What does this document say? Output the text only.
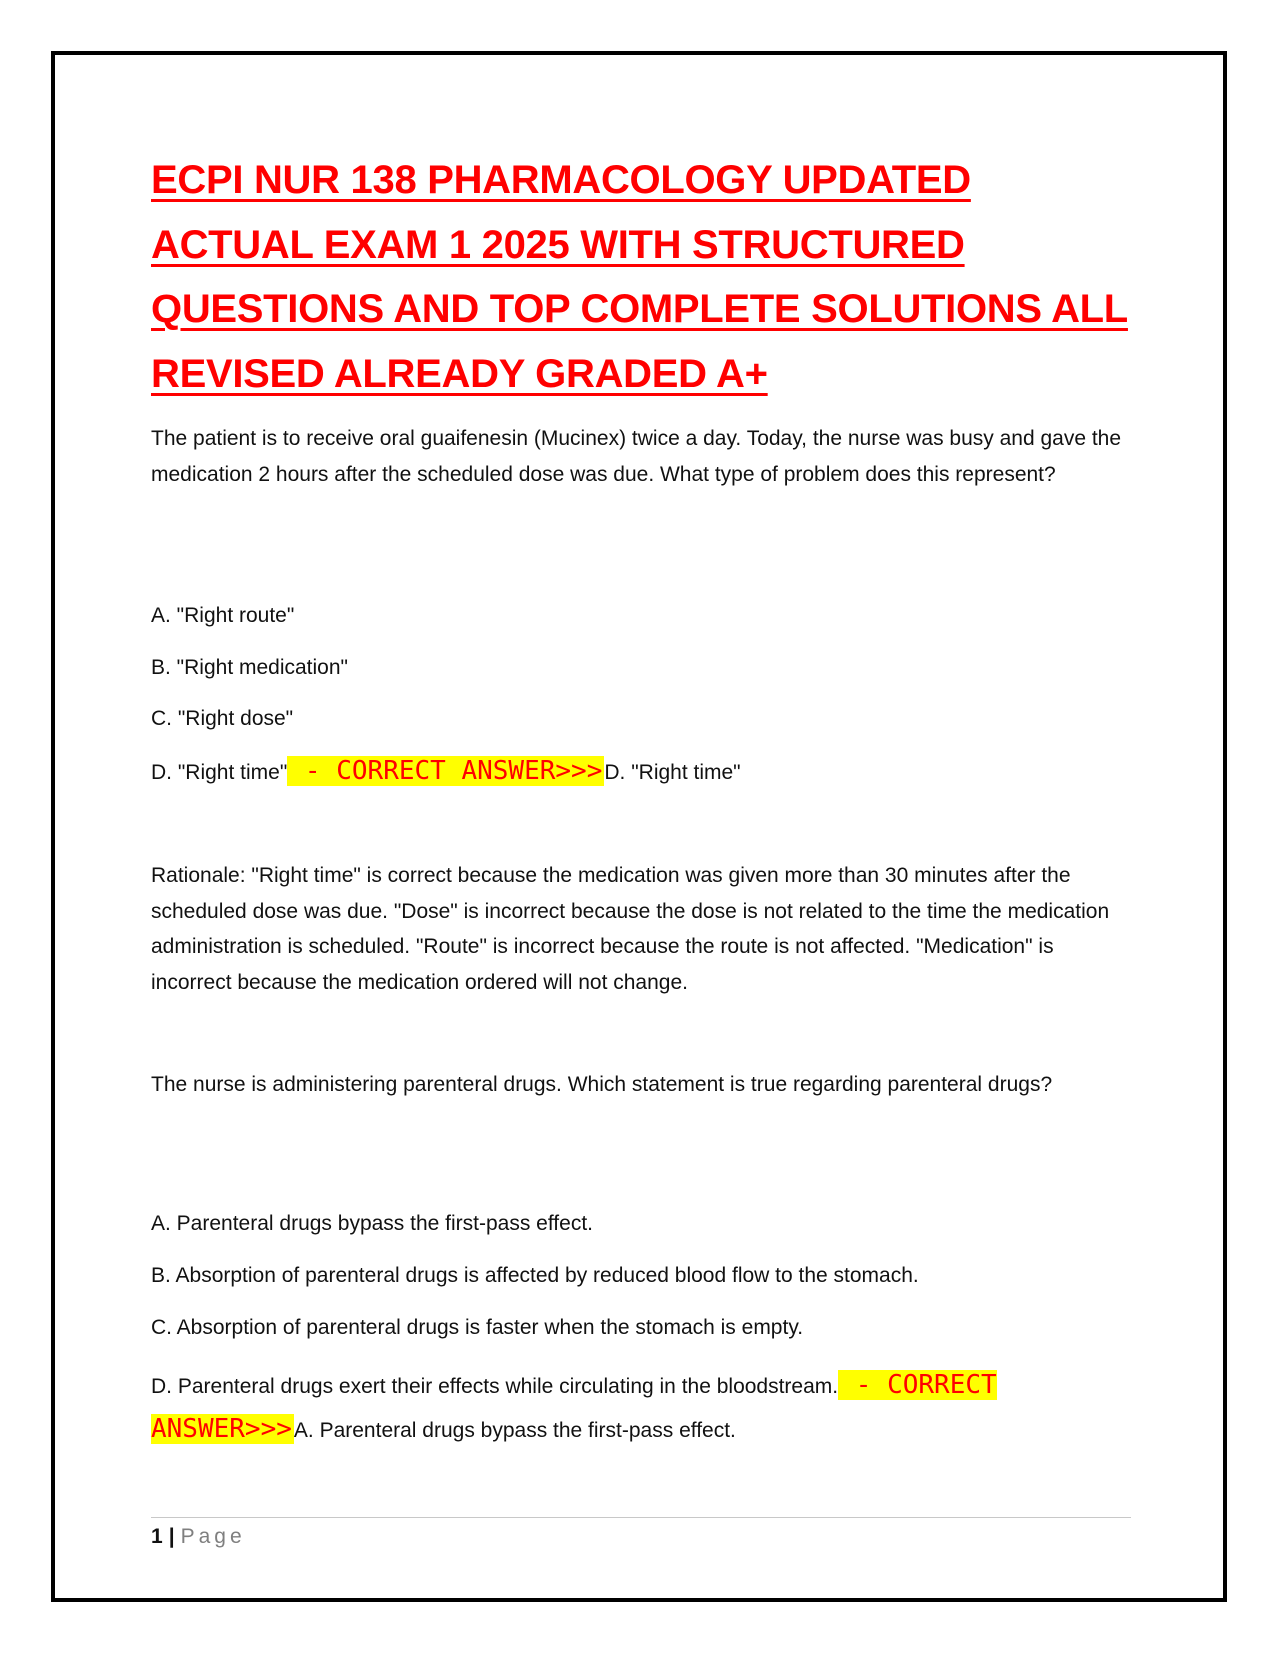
ECPI NUR 138 PHARMACOLOGY UPDATED ACTUAL EXAM 1 2025 WITH STRUCTURED QUESTIONS AND TOP COMPLETE SOLUTIONS ALL REVISED ALREADY GRADED A+

The patient is to receive oral guaifenesin (Mucinex) twice a day. Today, the nurse was busy and gave the medication 2 hours after the scheduled dose was due. What type of problem does this represent?

A. "Right route"

B. "Right medication"

C. "Right dose"

D. "Right time" - CORRECT ANSWER>>>D. "Right time"

Rationale: "Right time" is correct because the medication was given more than 30 minutes after the scheduled dose was due. "Dose" is incorrect because the dose is not related to the time the medication administration is scheduled. "Route" is incorrect because the route is not affected. "Medication" is incorrect because the medication ordered will not change.

The nurse is administering parenteral drugs. Which statement is true regarding parenteral drugs?

A. Parenteral drugs bypass the first-pass effect.

B. Absorption of parenteral drugs is affected by reduced blood flow to the stomach.

C. Absorption of parenteral drugs is faster when the stomach is empty.

D. Parenteral drugs exert their effects while circulating in the bloodstream. - CORRECT ANSWER>>>A. Parenteral drugs bypass the first-pass effect.

1 | Page
